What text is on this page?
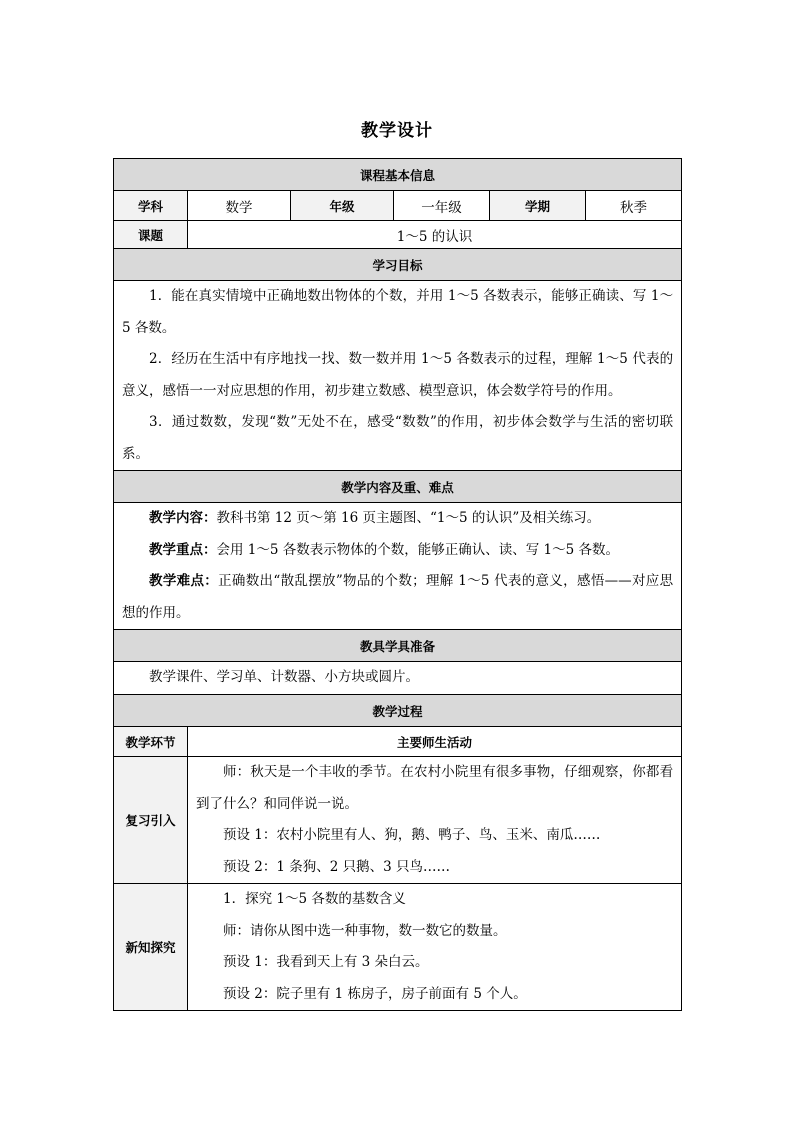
教学设计
课程基本信息					
学科	数学	年级	一年级	学期	秋季
课题	1～5 的认识				
学习目标					

1．能在真实情境中正确地数出物体的个数，并用 1～5 各数表示，能够正确读、写 1～5 各数。

2．经历在生活中有序地找一找、数一数并用 1～5 各数表示的过程，理解 1～5 代表的意义，感悟一一对应思想的作用，初步建立数感、模型意识，体会数学符号的作用。

3．通过数数，发现“数”无处不在，感受“数数”的作用，初步体会数学与生活的密切联系。					

教学内容及重、难点					

教学内容：教科书第 12 页～第 16 页主题图、“1～5 的认识”及相关练习。

教学重点：会用 1～5 各数表示物体的个数，能够正确认、读、写 1～5 各数。

教学难点：正确数出“散乱摆放”物品的个数；理解 1～5 代表的意义，感悟——对应思想的作用。					

教具学具准备					

教学课件、学习单、计数器、小方块或圆片。					

教学过程					
教学环节	主要师生活动				
复习引入	师：秋天是一个丰收的季节。在农村小院里有很多事物，仔细观察，你都看到了什么？和同伴说一说。

预设 1：农村小院里有人、狗，鹅、鸭子、鸟、玉米、南瓜……

预设 2：1 条狗、2 只鹅、3 只鸟……				

新知探究	1．探究 1～5 各数的基数含义

师：请你从图中选一种事物，数一数它的数量。

预设 1：我看到天上有 3 朵白云。

预设 2：院子里有 1 栋房子，房子前面有 5 个人。				
